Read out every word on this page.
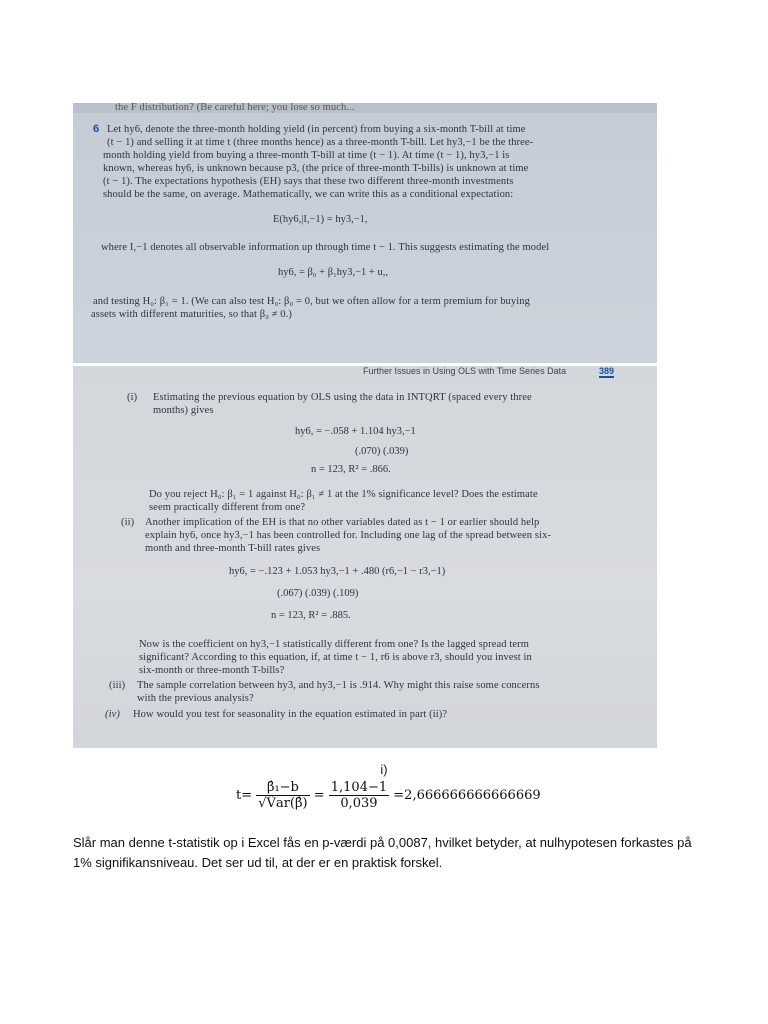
the F distribution? (Be careful here; you lose so much...
6 Let hy6, denote the three-month holding yield (in percent) from buying a six-month T-bill at time
(t − 1) and selling it at time t (three months hence) as a three-month T-bill. Let hy3,−1 be the three-
month holding yield from buying a three-month T-bill at time (t − 1). At time (t − 1), hy3,−1 is
known, whereas hy6, is unknown because p3, (the price of three-month T-bills) is unknown at time
(t − 1). The expectations hypothesis (EH) says that these two different three-month investments
should be the same, on average. Mathematically, we can write this as a conditional expectation:
E(hy6,|I,−1) = hy3,−1,
where I,−1 denotes all observable information up through time t − 1. This suggests estimating the model
hy6, = β₀ + β₁hy3,−1 + u,,
and testing H₀: β₁ = 1. (We can also test H₀: β₀ = 0, but we often allow for a term premium for buying
assets with different maturities, so that β₀ ≠ 0.)
Further Issues in Using OLS with Time Series Data	389
(i) Estimating the previous equation by OLS using the data in INTQRT (spaced every three
months) gives
hy6, = −.058 + 1.104 hy3,−1
(.070) (.039)
n = 123, R² = .866.
Do you reject H₀: β₁ = 1 against H₀: β₁ ≠ 1 at the 1% significance level? Does the estimate
seem practically different from one?
(ii) Another implication of the EH is that no other variables dated as t − 1 or earlier should help
explain hy6, once hy3,−1 has been controlled for. Including one lag of the spread between six-
month and three-month T-bill rates gives
hy6, = −.123 + 1.053 hy3,−1 + .480 (r6,−1 − r3,−1)
(.067) (.039) (.109)
n = 123, R² = .885.
Now is the coefficient on hy3,−1 statistically different from one? Is the lagged spread term
significant? According to this equation, if, at time t − 1, r6 is above r3, should you invest in
six-month or three-month T-bills?
(iii) The sample correlation between hy3, and hy3,−1 is .914. Why might this raise some concerns
with the previous analysis?
(iv) How would you test for seasonality in the equation estimated in part (ii)?
i)
$t= \frac{\text{β̂₁−b}}{√V̂ar(\betâ)} = \frac{1,104-1}{0,039} =2,666666666666669$
Slår man denne t-statistik op i Excel fås en p-værdi på 0,0087, hvilket betyder, at nulhypotesen forkastes på 1% signifikansniveau. Det ser ud til, at der er en praktisk forskel.
